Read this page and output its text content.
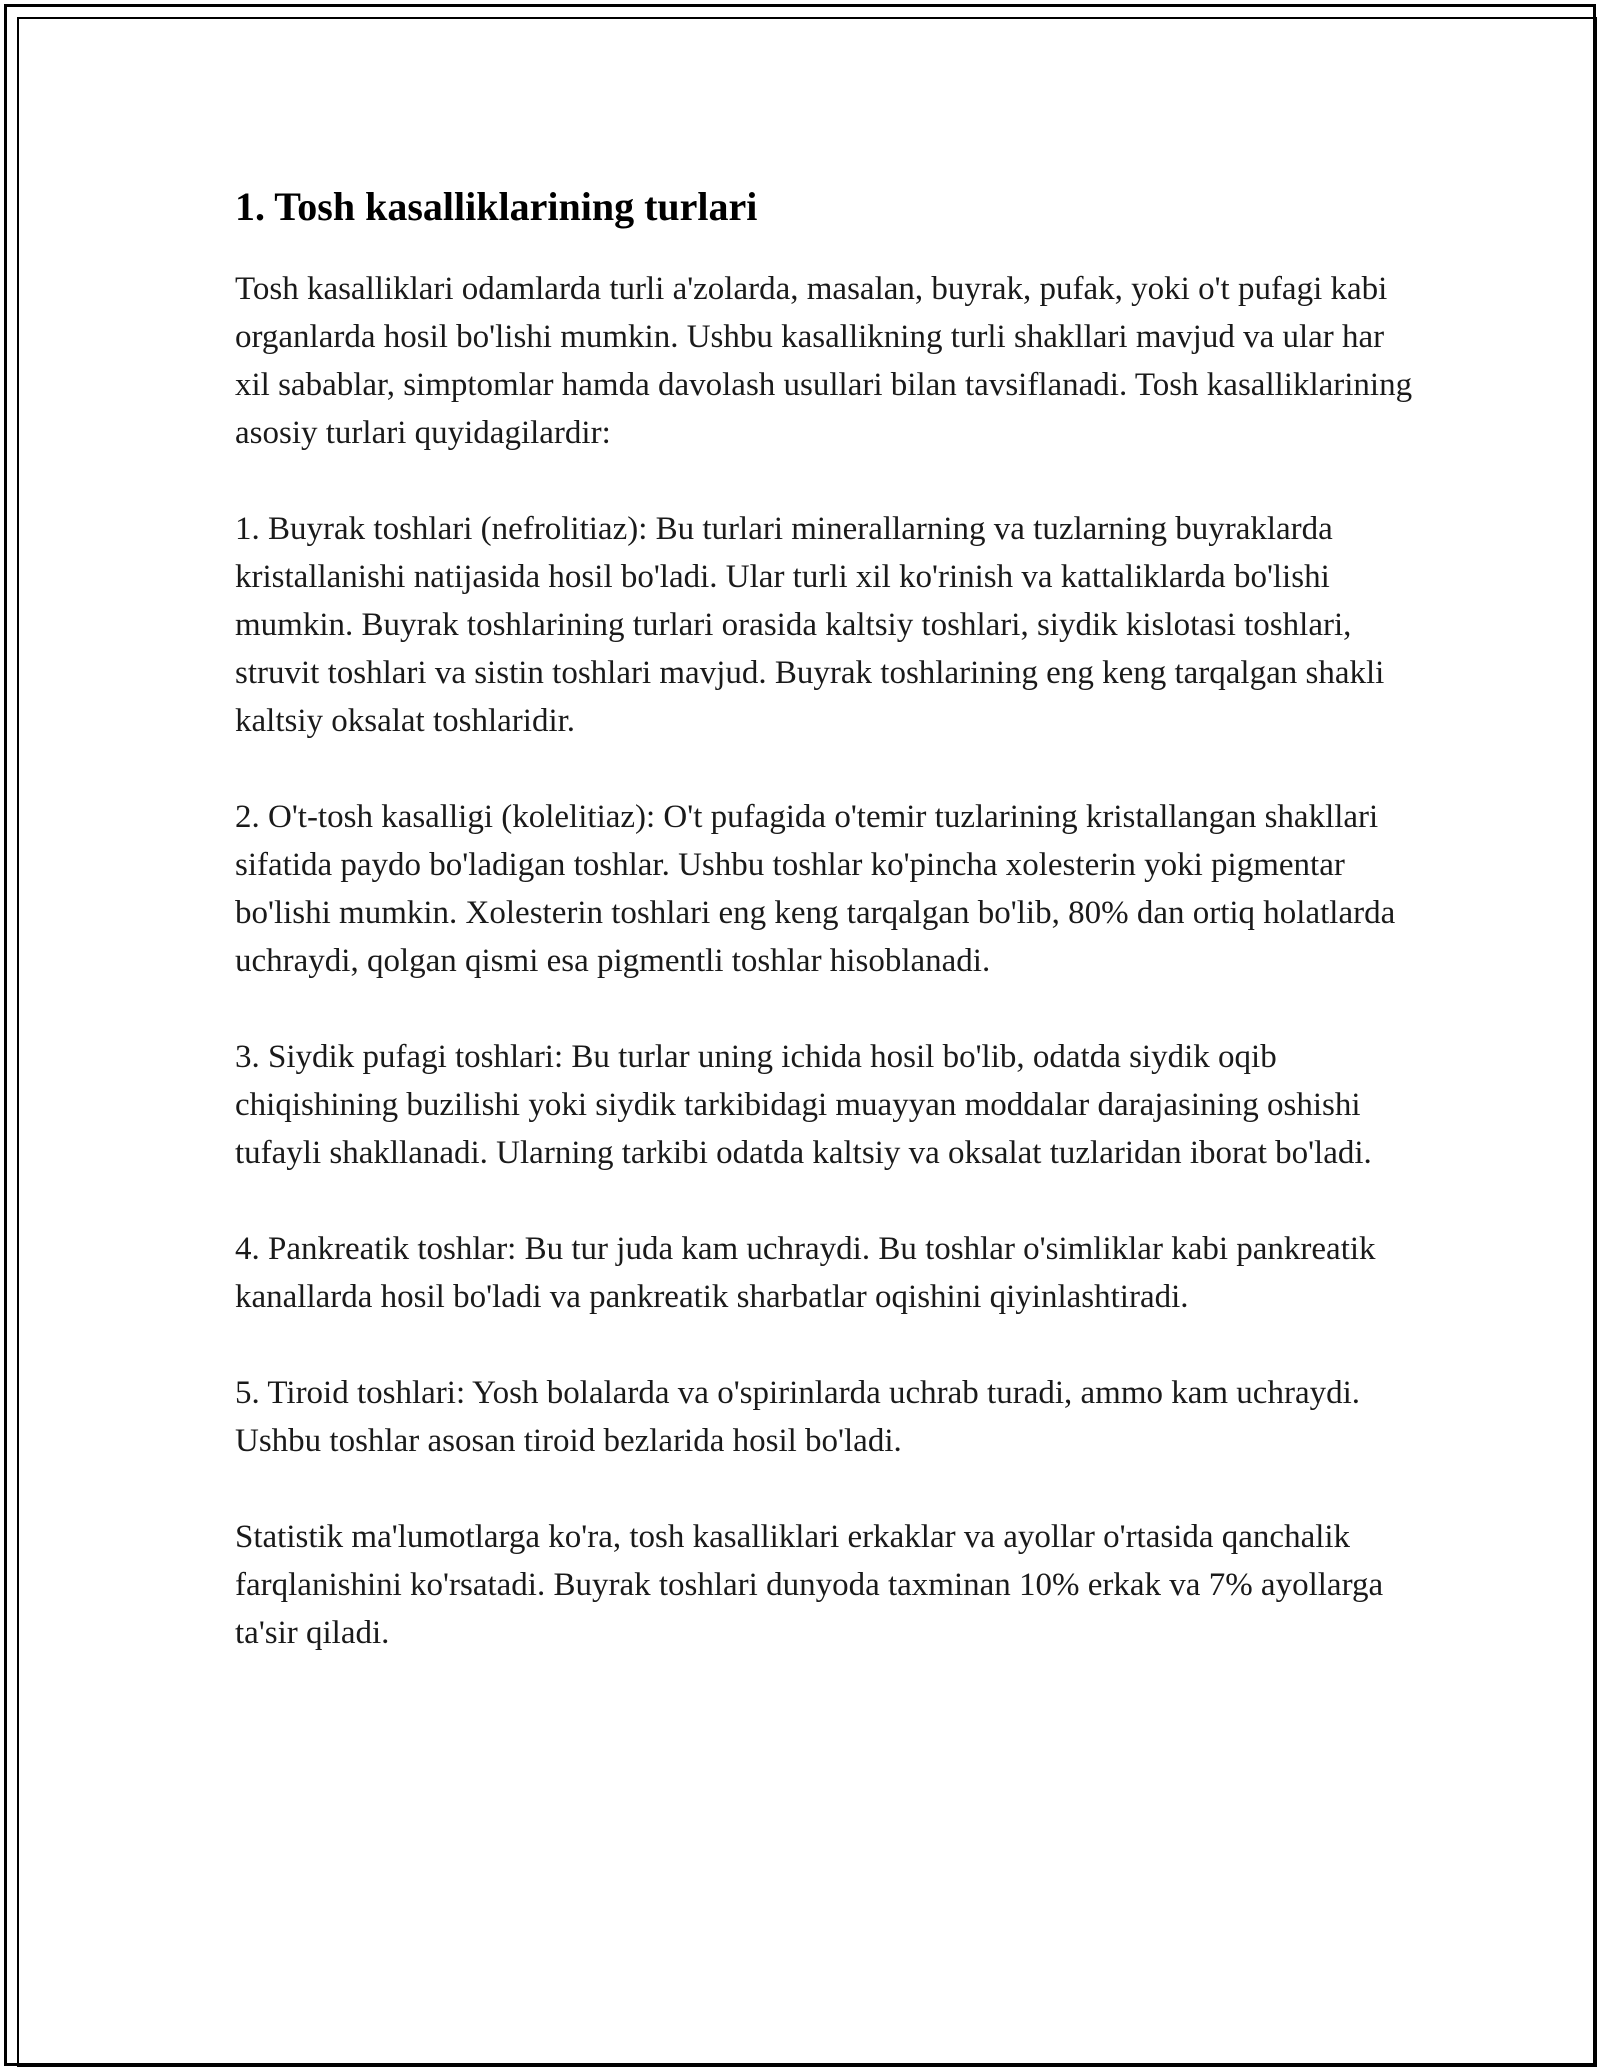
1. Tosh kasalliklarining turlari

Tosh kasalliklari odamlarda turli a'zolarda, masalan, buyrak, pufak, yoki o't pufagi kabi organlarda hosil bo'lishi mumkin. Ushbu kasallikning turli shakllari mavjud va ular har xil sabablar, simptomlar hamda davolash usullari bilan tavsiflanadi. Tosh kasalliklarining asosiy turlari quyidagilardir:

1. Buyrak toshlari (nefrolitiaz): Bu turlari minerallarning va tuzlarning buyraklarda kristallanishi natijasida hosil bo'ladi. Ular turli xil ko'rinish va kattaliklarda bo'lishi mumkin. Buyrak toshlarining turlari orasida kaltsiy toshlari, siydik kislotasi toshlari, struvit toshlari va sistin toshlari mavjud. Buyrak toshlarining eng keng tarqalgan shakli kaltsiy oksalat toshlaridir.

2. O't-tosh kasalligi (kolelitiaz): O't pufagida o'temir tuzlarining kristallangan shakllari sifatida paydo bo'ladigan toshlar. Ushbu toshlar ko'pincha xolesterin yoki pigmentar bo'lishi mumkin. Xolesterin toshlari eng keng tarqalgan bo'lib, 80% dan ortiq holatlarda uchraydi, qolgan qismi esa pigmentli toshlar hisoblanadi.

3. Siydik pufagi toshlari: Bu turlar uning ichida hosil bo'lib, odatda siydik oqib chiqishining buzilishi yoki siydik tarkibidagi muayyan moddalar darajasining oshishi tufayli shakllanadi. Ularning tarkibi odatda kaltsiy va oksalat tuzlaridan iborat bo'ladi.

4. Pankreatik toshlar: Bu tur juda kam uchraydi. Bu toshlar o'simliklar kabi pankreatik kanallarda hosil bo'ladi va pankreatik sharbatlar oqishini qiyinlashtiradi.

5. Tiroid toshlari: Yosh bolalarda va o'spirinlarda uchrab turadi, ammo kam uchraydi. Ushbu toshlar asosan tiroid bezlarida hosil bo'ladi.

Statistik ma'lumotlarga ko'ra, tosh kasalliklari erkaklar va ayollar o'rtasida qanchalik farqlanishini ko'rsatadi. Buyrak toshlari dunyoda taxminan 10% erkak va 7% ayollarga ta'sir qiladi.
